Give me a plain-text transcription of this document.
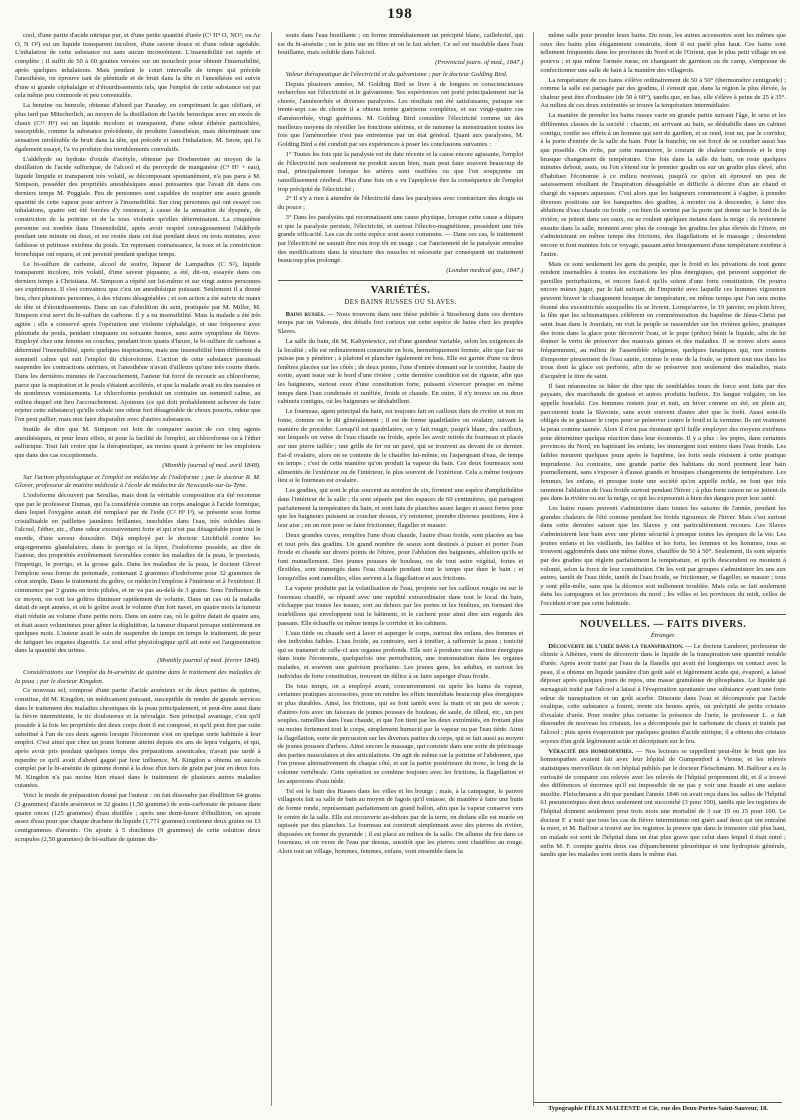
198

cool, d'une partie d'acide nitrique pur, et d'une petite quantité d'urée (C² H⁴ O, NO²; ou Ac O, N O²) est un liquide transparent incolore, d'une saveur douce et d'une odeur agréable. L'inhalation de cette substance est sans aucun inconvénient. L'insensibilité est rapide et complète ; il suffit de 50 à 60 gouttes versées sur un mouchoir pour obtenir l'insensibilité, après quelques inhalations. Mais pendant le court intervalle de temps qui précède l'anesthésie, on éprouve tant de plénitude et de bruit dans la tête et l'anesthésie est suivie d'une si grande céphalalgie et d'étourdissements tels, que l'emploi de cette substance est par cela même peu commode et peu convenable.

La benzine ou benzole, obtenue d'abord par Faraday, en comprimant le gaz oléfiant, et plus tard par Mitscherlich, au moyen de la distillation de l'acide benzoïque avec un excès de chaux (C¹² H⁶) est un liquide incolore et transparent, d'une odeur éthérée particulière, susceptible, comme la substance précédente, de produire l'anesthésie, mais déterminant une sensation intolérable de bruit dans la tête, qui précède et suit l'inhalation. M. Snow, qui l'a également essayé, l'a vu produire des tremblements convulsifs.

L'aldéhyde ou hydrate d'oxide d'acétyle, obtenue par Doebereiner au moyen de la distillation de l'acide sulfurique, de l'alcool et du peroxyde de manganèse (C⁴ H³ + eau), liquide limpide et transparent très volatil, se décomposant spontanément, n'a pas paru à M. Simpson, posséder des propriétés anesthésiques aussi puissantes que l'avait dit dans ces derniers temps M. Poggiale. Peu de personnes sont capables de respirer une assez grande quantité de cette vapeur pour arriver à l'insensibilité. Sur cinq personnes qui ont essayé ces inhalations, quatre ont été forcées d'y renoncer, à cause de la sensation de dyspnée, de constriction de la poitrine et de la toux violente qu'elles déterminaient. La cinquième personne est tombée dans l'insensibilité, après avoir respiré courageusement l'aldéhyde pendant une minute ou deux, et est restée dans cet état pendant deux ou trois minutes, avec faiblesse et petitesse extrême du pouls. En reprenant connaissance, la toux et la constriction bronchique ont reparu, et ont persisté pendant quelque temps.

Le bi-sulfure de carbone, alcool de soufre, liqueur de Lampadius (C S²), liquide transparent incolore, très volatil, d'une saveur piquante, a été, dit-on, essayée dans ces derniers temps à Christiana. M. Simpson a répété sur lui-même et sur vingt autres personnes ses expériences. Il s'est convaincu que c'est un anesthésique puissant. Seulement il a donné lieu, chez plusieurs personnes, à des visions désagréables ; et son action a été suivie de maux de tête et d'étourdissements. Dans un cas d'abolition du sein, pratiquée par M. Miller, M. Simpson s'est servi du bi-sulfure de carbone. Il y a eu insensibilité. Mais la malade a été très agitée ; elle a conservé après l'opération une violente céphalalgie, et une fréquence avec plénitude du pouls, pendant cinquante ou soixante heures, sans autre symptôme de fièvre. Employé chez une femme en couches, pendant trois quarts d'heure, le bi-sulfure de carbone a déterminé l'insensibilité, après quelques inspirations, mais une insensibilité bien différente du sommeil calme qui suit l'emploi du chloroforme. L'action de cette substance paraissait suspendre les contractions utérines, et l'anesthésie n'avait d'ailleurs qu'une très courte durée. Dans les dernières minutes de l'accouchement, l'auteur fut forcé de recourir au chloroforme, parce que la respiration et le pouls s'étaient accélérés, et que la malade avait eu des nausées et de nombreux vomissements. Le chloroforme produisit un contraire un sommeil calme, au milieu duquel eut lieu l'accouchement. Ajoutons (ce qui doit probablement achever de faire rejeter cette substance) qu'elle exhale une odeur fort désagréable de choux pourris, odeur que l'on peut pallier, mais non faire disparaître avec d'autres substances.

Inutile de dire que M. Simpson est loin de comparer aucun de ces cinq agents anesthésiques, ni pour leurs effets, ni pour la facilité de l'emploi, au chloroforme ou à l'éther sulfurique. Tout fait croire que la thérapeutique, au moins quant à présent ne les emploiera que dans des cas exceptionnels.

(Monthly journal of med. avril 1848).

Sur l'action physiologique et l'emploi en médecine de l'iodoforme ; par le docteur R. M. Glover, professeur de matière médicale à l'école de médecine de Newcastle-sur-la-Tyne.

L'iodoforme découvert par Serullas, mais dont la véritable composition n'a été reconnue que par le professeur Dumas, qui l'a considérée comme un corps analogue à l'acide formique, dans lequel l'oxygène aurait été remplacé par de l'iode (C² H³ I³), se présente sous forme cristallisable en paillettes jaunâtres brillantes, insolubles dans l'eau, très solubles dans l'alcool, l'éther, etc., d'une odeur excessivement forte et qui n'est pas désagréable pour tout le monde, d'une saveur douceâtre. Déjà employé par le docteur Litchfield contre les engorgements glandulaires, dans le porrigo et la lèpre, l'iodoforme possède, au dire de l'auteur, des propriétés extrêmement favorables contre les maladies de la peau, le psoriasis, l'impetigo, le porrigo, et la grosse gale. Dans les maladies de la peau, le docteur Glover l'emploie sous forme de pommade, contenant 2 grammes d'iodoforme pour 32 grammes de cérat simple. Dans le traitement du goître, ce médecin l'emploie à l'intérieur et à l'extérieur. Il commence par 3 grains en trois pilules, et ne va pas au-delà de 3 grains. Sous l'influence de ce moyen, on voit les goîtres diminuer rapidement de volume. Dans un cas où la maladie datait de sept années, et où le goître avait le volume d'un fort navet, en quatre mois la tumeur était réduite au volume d'une petite noix. Dans un autre cas, où le goître datait de quatre ans, et était assez volumineux pour gêner la déglutition, la tumeur disparut presque entièrement en quelques mois. L'auteur avait le soin de suspendre de temps en temps le traitement, de peur de fatiguer les organes digestifs. Le seul effet physiologique qu'il ait noté est l'augmentation dans la quantité des urines.

(Monthly journal of med. février 1848).

Considérations sur l'emploi du bi-arsénite de quinine dans le traitement des maladies de la peau ; par le docteur Kingdon.

Ce nouveau sel, composé d'une partie d'acide arsénieux et de deux parties de quinine, constitue, dit M. Kingdon, un médicament puissant, susceptible de rendre de grands services dans le traitement des maladies chroniques de la peau principalement, et peut-être aussi dans la fièvre intermittente, le tic douloureux et la névralgie. Son principal avantage, c'est qu'il possède à la fois les propriétés des deux corps dont il est composé, et qu'il peut être par suite substitué à l'un de ces deux agents lorsque l'économie s'est en quelque sorte habituée à leur emploi. C'est ainsi que chez un jeune homme atteint depuis six ans de lepra vulgaris, et qui, après avoir pris pendant quelques temps des préparations arsenicales, n'avait pas tardé à reperdre ce qu'il avait d'abord gagné par leur influence, M. Kingdon a obtenu un succès complet par le bi-arsénite de quinine donné à la dose d'un tiers de grain par jour en deux fois. M. Kingdon n'a pas moins bien réussi dans le traitement de plusieurs autres maladies cutanées.

Voici le mode de préparation donné par l'auteur : on fait dissoudre par ébullition 64 grains (3 grammes) d'acide arsénieux et 32 grains (1,50 gramme) de sous-carbonate de potasse dans quatre onces (125 grammes) d'eau distillée ; après une demi-heure d'ébullition, on ajoute assez d'eau pour que chaque drachme du liquide (1,771 gramme) contienne deux grains ou 13 centigrammes d'arsenic. On ajoute à 5 drachmes (9 grammes) de cette solution deux scrupules (2,50 grammes) de bi-sulfate de quinine dis-

souts dans l'eau bouillante ; on forme immédiatement un précipité blanc, caillebotté, qui est du bi-arsénite ; on le jette sur un filtre et on le fait sécher. Ce sel est insoluble dans l'eau bouillante, mais soluble dans l'alcool.

(Provincial journ. of med., 1847.)

Valeur thérapeutique de l'électricité et du galvanisme ; par le docteur Golding Bird.

Depuis plusieurs années, M. Golding Bird se livre à de longues et consciencieuses recherches sur l'électricité et le galvanisme. Ses expériences ont porté principalement sur la chorée, l'aménorrhée et diverses paralysies. Les résultats ont été satisfaisants, puisque sur trente-sept cas de chorée il a obtenu trente guérisons complètes, et sur vingt-quatre cas d'aménorrhée, vingt guérisons. M. Golding Bird considère l'électricité comme un des meilleurs moyens de réveiller les fonctions utérines, et de ramener la menstruation toutes les fois que l'aménorrhée n'est pas entretenue par un état général. Quant aux paralysies, M. Golding Bird a été conduit par ses expériences à poser les conclusions suivantes :

1° Toutes les fois que la paralysie est de date récente et la cause encore agissante, l'emploi de l'électricité non seulement ne produit aucun bien, mais peut faire souvent beaucoup de mal, principalement lorsque les artères sont ossifiées ou que l'on soupçonne un ramollissement cérébral. Plus d'une fois on a vu l'apoplexie être la conséquence de l'emploi trop précipité de l'électricité ;

2° Il n'y a rien à attendre de l'électricité dans les paralysies avec contracture des doigts ou du pouce ;

3° Dans les paralysies qui reconnaissent une cause physique, lorsque cette cause a disparu et que la paralysie persiste, l'électricité, et surtout l'électro-magnétisme, possèdent une très grande efficacité. Les cas de cette espèce sont assez communs. — Dans ces cas, le traitement par l'électricité ne saurait être mis trop tôt en usage ; car l'ancienneté de la paralysie entraîne des modifications dans la structure des muscles et nécessite par conséquent un traitement beaucoup plus prolongé.

(London medical gaz., 1847.)

VARIÉTÉS.
DES BAINS RUSSES OU SLAVES.

Bains russes. — Nous trouvons dans une thèse publiée à Strasbourg dans ces derniers temps par un Valonais, des détails fort curieux sur cette espèce de bains chez les peuples Slaves.

La salle du bain, dit M. Kaltyniewicz, est d'une grandeur variable, selon les exigences de la localité ; elle est ordinairement construite en bois, hermétiquement fermée, afin que l'air ne puisse pas y pénétrer ; à plafond et plancher également en bois. Elle est garnie d'une ou deux fenêtres placées sur les côtés ; de deux portes, l'une d'entrée donnant sur le corridor, l'autre de sortie, ayant issue sur le bord d'une rivière ; cette dernière condition est de rigueur, afin que les baigneurs, surtout ceux d'une constitution forte, puissent s'exercer presque en même temps dans l'eau condensée et raréfiée, froide et chaude. En outre, il n'y trouve un ou deux cabinets contigus, où les baigneurs se déshabillent.

Le fourneau, agent principal du bain, est toujours fait en cailloux durs de rivière et non en fonte, comme on le dit généralement ; il est de forme quadrilatère ou ovalaire, suivant la manière de procéder. Lorsqu'il est quadrilatère, on y fait rougir, jusqu'à blanc, des cailloux, sur lesquels on verse de l'eau chaude ou froide, après les avoir retirés du fourneau et placés sur une pierre taillée ; une grille de fer ou un pavé, qui se trouvent au devant de ce dernier. Est-il ovalaire, alors on se contente de le chauffer lui-même, en l'aspergeant d'eau, de temps en temps ; c'est de cette manière qu'on produit la vapeur du bain. Ces deux fourneaux sont alimentés de l'extérieur ou de l'intérieur, le plus souvent de l'extérieur. Cela a même toujours lieu si le fourneau est ovalaire.

Les gradins, qui sont le plus souvent au nombre de six, forment une espèce d'amphithéâtre dans l'intérieur de la salle ; ils sont séparés par des espaces de 60 centimètres, qui partagent parfaitement la température du bain, et sont faits de planches assez larges et assez fortes pour que les baigneurs puissent se coucher dessus, s'y retourner, prendre diverses positions, être à leur aise ; en un mot pour se faire frictionner, flageller et masser.

Deux grandes cuves, remplies l'une d'eau chaude, l'autre d'eau froide, sont placées au bas et tout près des gradins. Un grand nombre de seaux sont destinés à puiser et porter l'eau froide et chaude sur divers points de l'étuve, pour l'ablution des baigneurs, ablution qu'ils se font mutuellement. Des jeunes pousses de bouleau, ou de tout autre végétal, fortes et flexibles, sont immergés dans l'eau chaude pendant tout le temps que dure le bain ; et lorsqu'elles sont ramollies, elles servent à la flagellation et aux frictions.

La vapeur produite par la volatilisation de l'eau, projetée sur les cailloux rougis ou sur le fourneau chauffé, se répand avec une rapidité extraordinaire dans tout le local du bain, s'échappe par toutes les issues, sort au dehors par les portes et les fenêtres, en formant des tourbillons qui enveloppent tout le bâtiment, et le cachent pour ainsi dire aux regards des passans. Elle échauffe en même temps le corridor et les cabinets.

L'eau tiède ou chaude sert à laver et asperger le corps, surtout des enfans, des femmes et des individus faibles. L'eau froide, au contraire, sert à tonifier, à raffermir la peau ; tonicité qui se transmet de celle-ci aux organes profonds. Elle sert à produire une réaction énergique dans toute l'économie, quelquefois une perturbation, une transmutation dans les organes malades, et souvent une guérison prochaine. Les jeunes gens, les adultes, et surtout les individus de forte constitution, trouvent un délice à se faire asperger d'eau froide.

De tous temps, on a employé avant, concurremment ou après les bains de vapeur, certaines pratiques accessoires, pour en rendre les effets immédiats beaucoup plus énergiques et plus durables. Ainsi, les frictions, qui se font tantôt avec la main et un peu de savon ; d'autres fois avec un faisceau de jeunes pousses de bouleau, de saule, de tilleul, etc., un peu souples, ramollies dans l'eau chaude, et que l'on tient par les deux extrémités, en frottant plus ou moins fortement tout le corps, simplement humecté par la vapeur ou par l'eau tiède. Ainsi la flagellation, sorte de percussion sur les diverses parties du corps, qui se fait aussi au moyen de jeunes pousses d'arbres. Ainsi encore le massage, qui consiste dans une sorte de pétrissage des parties musculaires et des articulations. On agit de même sur la poitrine et l'abdomen, que l'on presse alternativement de chaque côté, et sur la partie postérieure du tronc, le long de la colonne vertébrale. Cette opération se combine toujours avec les frictions, la flagellation et les aspersions d'eau tiède.

Tel est le bain des Russes dans les villes et les bourgs ; mais, à la campagne, le pauvre villageois fait sa salle de bain au moyen de fagots qu'il entasse, de manière à faire une butte de forme ronde, représentant parfaitement un grand ballon, afin que la vapeur conserve vers le centre de la salle. Elle est recouverte au-dehors par de la terre, en dedans elle est murée ou tapissée par des planches. Le fourneau est construit simplement avec des pierres de rivière, disposées en forme de pyramide ; il est placé au milieu de la salle. On allume du feu dans ce fourneau, et on verse de l'eau par dessus, aussitôt que les pierres sont chauffées au rouge. Alors tout un village, hommes, femmes, enfans, vont ensemble dans la

même salle pour prendre leurs bains. Du reste, les autres accessoires sont les mêmes que ceux des bains plus élégamment construits, dont il est parlé plus haut. Ces bains sont tellement fréquentés dans les provinces du Nord et de l'Orient, que le plus petit village en est pourvu ; et que même l'armée russe, en changeant de garnison ou de camp, s'empresse de confectionner une salle de bain à la manière des villageois.

La température de ces bains s'élève ordinairement de 50 à 50° (thermomètre centigrade) ; comme la salle est partagée par des gradins, il s'ensuit que, dans la région la plus élevée, la chaleur peut être d'ordinaire (de 50 à 60°), tandis que, en bas, elle s'élève à peine de 25 à 35°. Au milieu de ces deux extrémités se trouve la température intermédiaire.

La manière de prendre les bains russes varie en grande partie suivant l'âge, le sexe et les différentes classes de la société : chacun, en arrivant au bain, se déshabille dans un cabinet contigu, confie ses effets à un homme qui sert de gardien, et se rend, tout nu, par le corridor, à la porte d'entrée de la salle du bain. Pour la franchir, on est forcé de se courber aussi bas que possible. On évite, par cette manœuvre, le courant de chaleur condensée et le trop brusque changement de température. Une fois dans la salle du bain, on reste quelques minutes debout, assis, ou l'on s'étend sur le premier gradin ou sur un gradin plus élevé, afin d'habituer l'économie à ce milieu nouveau, jusqu'à ce qu'on ait éprouvé un peu de saisissement résultant de l'inspiration désagréable et difficile à décrire d'un air chaud et chargé de vapeurs aqueuses. C'est alors que les baigneurs commencent à s'agiter, à prendre diverses positions sur les banquettes des gradins, à monter ou à descendre, à faire des ablutions d'eau chaude ou froide ; on bien ils sortent par la porte qui donne sur le bord de la rivière, se jettent dans ses eaux, ou se roulent quelques instans dans la neige ; ils reviennent ensuite dans la salle, montent avec plus de courage les gradins les plus élevés de l'étuve, en s'administrant en même temps des frictions, des flagellations et le massage ; descendent encore et font maintes fois ce voyage, passant ainsi brusquement d'une température extrême à l'autre.

Mais ce sont seulement les gens du peuple, que le froid et les privations de tout genre rendent insensibles à toutes les excitations les plus énergiques, qui peuvent supporter de pareilles perturbations, et encore faut-il qu'ils soient d'une forte constitution. On pourra encore mieux juger, par le fait suivant, de l'impunité avec laquelle ces hommes vigoureux peuvent braver le changement brusque de température, en même temps que l'on sera moins étonné des excentricités auxquelles ils se livrent. Lorsqu'arrive, le 19 janvier, en plein hiver, la fête que les schismatiques célèbrent en commémoration du baptême de Jésus-Christ par saint Jean dans le Jourdain, on voit le peuple se rassembler sur les rivières gelées, pratiquer des trous dans la glace pour découvrir l'eau, et le pope (prêtre) bénit le liquide, afin de lui donner la vertu de préserver des mauvais génies et des maladies. Il se trouve alors assez fréquemment, au milieu de l'assemblée religieuse, quelques fanatiques qui, non contens d'emporter pieusement de l'eau sainte, comme le reste de la foule, se jettent tout nus dans les trous dont la glace est perforée, afin de se préserver non seulement des maladies, mais d'acquérir le titre de saint.

Il faut néanmoins se hâter de dire que de semblables tours de force sont faits par des paysans, des marchands de graisse et autres produits huileux. En langue vulgaire, on les appelle bourlaki. Ces hommes restent jour et nuit, en hiver comme en été, en plein air, parcourent toute la Slavonie, sans avoir souvent d'autre abri que la forêt. Aussi sont-ils obligés de se graisser le corps pour se préserver contre le froid et la vermine. Ils ont vraiment la peau comme tannée. Alors il n'est pas étonnant qu'il faille employer des moyens extrêmes pour déterminer quelque réaction dans leur économie. Il y a plus : les popes, dans certaines provinces du Nord, en baptisant les enfans, les immergent tout entiers dans l'eau froide. Les faibles meurent quelques jours après le baptême, les forts seuls résistent à cette pratique imprudente. Au contraire, une grande partie des habitans du nord prennent leur bain journellement, sans s'exposer à d'aussi grands et brusques changements de température. Les femmes, les enfans, et presque toute une société qu'on appelle noble, ne font que très rarement l'ablution de l'eau froide surtout pendant l'hiver ; à plus forte raison ne se jettent-ils pas dans la rivière ou sur la neige, ce qui les exposerait à bien des dangers pour leur santé.

Les bains russes peuvent s'administrer dans toutes les saisons de l'année, pendant les grandes chaleurs de l'été comme pendant les froids rigoureux de l'hiver. Mais c'est surtout dans cette dernière saison que les Slaves y ont particulièrement recours. Les Slaves s'administrent leur bain avec une pleine sécurité à presque toutes les époques de la vie. Les jeunes enfans et les vieillards, les faibles et les forts, les femmes et les hommes, tous se trouvent agglomérés dans une même étuve, chauffée de 50 à 50°. Seulement, ils sont séparés par des gradins qui règlent parfaitement la température, et qu'ils descendent ou montent à volonté, selon la force de leur constitution. On les voit par groupes s'administrer les uns aux autres, tantôt de l'eau tiède, tantôt de l'eau froide, se frictionner, se flageller, se masser ; tous y sont pêle-mêle, sans que la décence soit nullement troublée. Mais cela se fait seulement dans les campagnes et les provinces du nord ; les villes et les provinces du midi, celles de l'occident n'ont pas cette habitude.

NOUVELLES. — FAITS DIVERS.
Étranger.

Découverte de l'urée dans la transpiration. — Le docteur Landerer, professeur de chimie à Athènes, vient de découvrir dans le liquide de la transpiration une quantité notable d'urée. Après avoir traité par l'eau de la flanelle qui avait été longtemps en contact avec la peau, il a obtenu un liquide jaunâtre d'un goût salé et légèrement acide qui, évaporé, a laissé déposer après quelques jours de repos, une masse granuleuse de phosphates. Le liquide qui surnageait traité par l'alcool a laissé à l'évaporation spontanée une substance ayant une forte odeur de transpiration et un goût acerbe. Dissoute dans l'eau et décomposée par l'acide oxalique, cette substance a fourni, trente six heures après, un précipité de petits cristaux d'oxalate d'urée. Pour rendre plus certaine la présence de l'urée, le professeur L. a fait dissoudre de nouveau les cristaux, les a décomposés par le carbonate de chaux et traités par l'alcool ; puis après évaporation par quelques gouttes d'acide nitrique, il a obtenu des cristaux soyeux d'un goût légèrement acide et décrépitant sur le feu.

Véracité des homœopathes. — Nos lecteurs se rappellent peut-être le bruit que les homœopathes avaient fait avec leur hôpital de Gumpendorf à Vienne, et les relevés statistiques merveilleux de cet hôpital publiés par le docteur Fleischmann. M. Balfour a eu la curiosité de comparer ces relevés avec les relevés de l'hôpital proprement dit, et il a trouvé des différences si énormes qu'il est impossible de ne pas y voir une fraude et une audace insolite. Fleischmann a dit que pendant l'année 1846 on avait reçu dans les salles de l'hôpital 61 pneumoniques dont deux seulement ont succombé (3 pour 100), tandis que les registres de l'hôpital donnent seulement pour trois mois une mortalité de 3 sur 19 ou 15 pour 100. Le docteur F. a noté que tous les cas de fièvre intermittente ont guéri sauf deux qui ont entraîné la mort, et M. Balfour a trouvé sur les registres la preuve que dans le trimestre cité plus haut, un malade est sorti de l'hôpital dans un état plus grave que celui dans lequel il était entré ; enfin M. F. compte guéris deux cas d'épanchement pleurétique et une hydropisie générale, tandis que les malades sont sortis dans le même état.

Typographie FÉLIX MALTESTE et Cie, rue des Deux-Portes-Saint-Sauveur, 18.
